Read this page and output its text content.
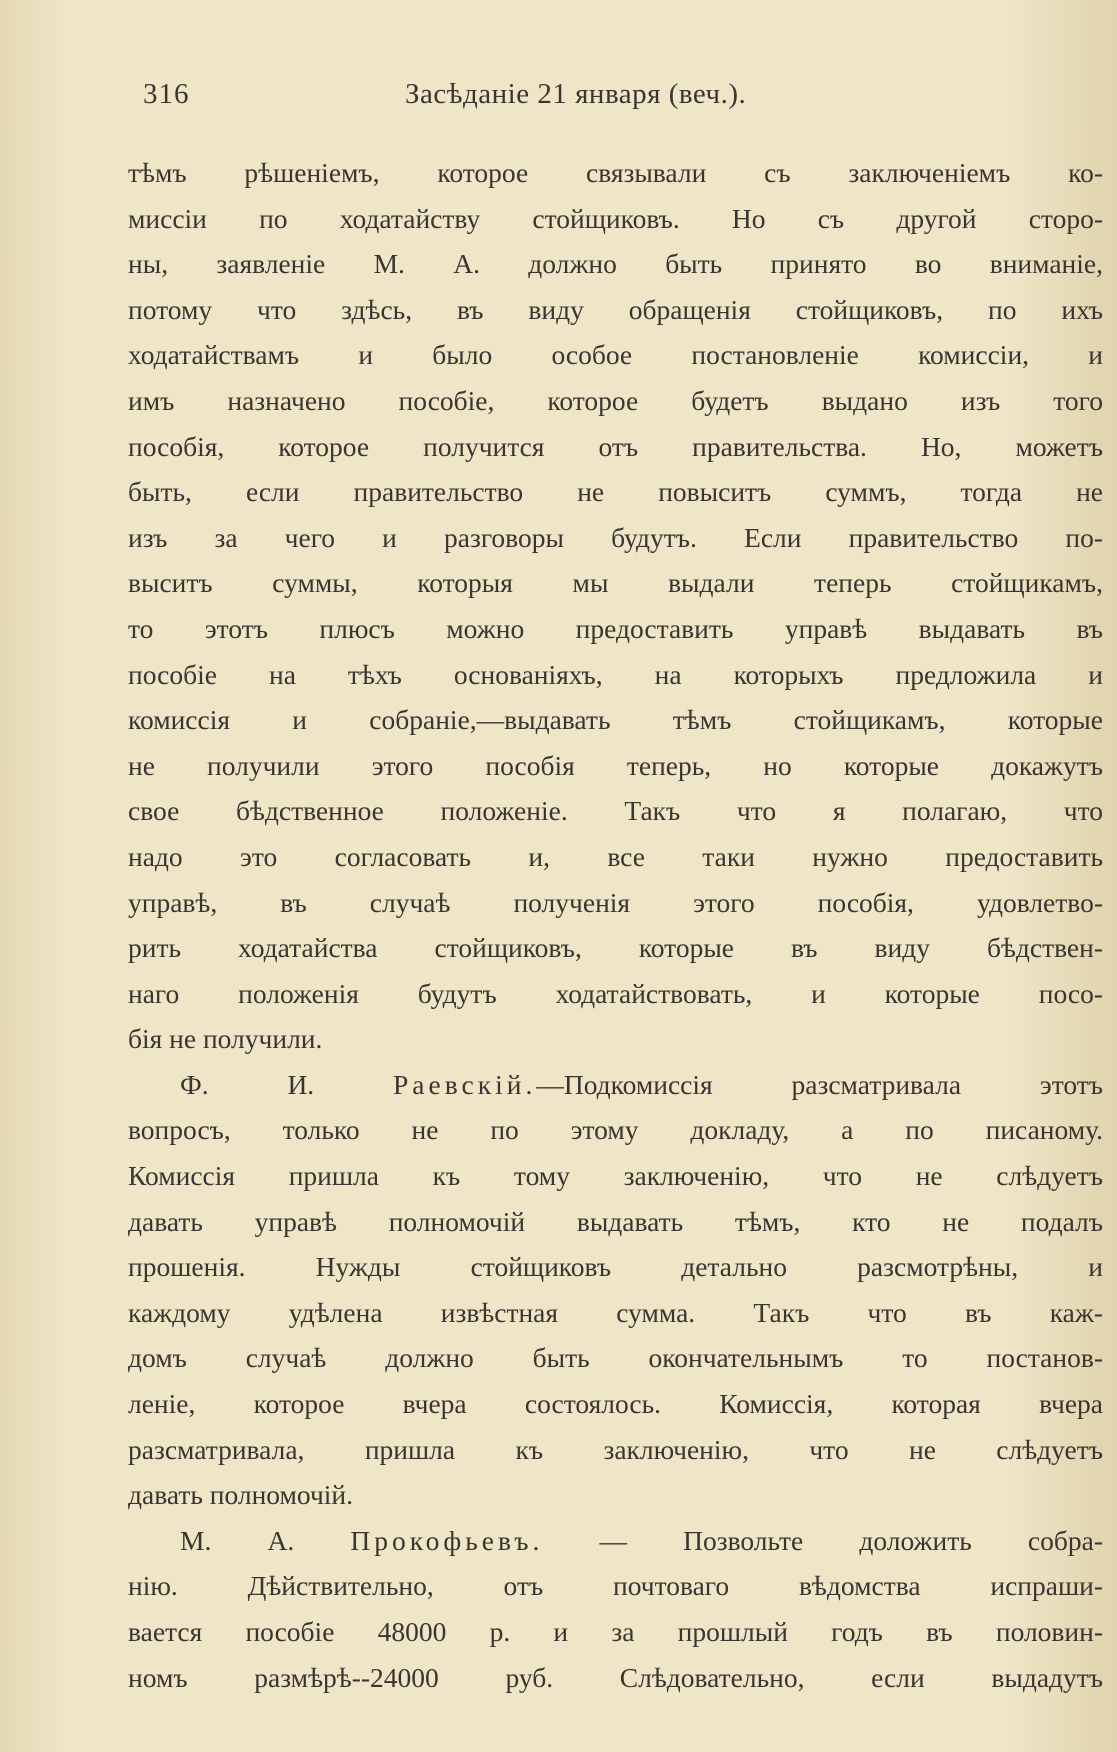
316	Засѣданіе 21 января (веч.).
тѣмъ рѣшеніемъ, которое связывали съ заключеніемъ ко-
миссіи по ходатайству стойщиковъ. Но съ другой сторо-
ны, заявленіе М. А. должно быть принято во вниманіе,
потому что здѣсь, въ виду обращенія стойщиковъ, по ихъ
ходатайствамъ и было особое постановленіе комиссіи, и
имъ назначено пособіе, которое будетъ выдано изъ того
пособія, которое получится отъ правительства. Но, можетъ
быть, если правительство не повыситъ суммъ, тогда не
изъ за чего и разговоры будутъ. Если правительство по-
выситъ суммы, которыя мы выдали теперь стойщикамъ,
то этотъ плюсъ можно предоставить управѣ выдавать въ
пособіе на тѣхъ основаніяхъ, на которыхъ предложила и
комиссія и собраніе,—выдавать тѣмъ стойщикамъ, которые
не получили этого пособія теперь, но которые докажутъ
свое бѣдственное положеніе. Такъ что я полагаю, что
надо это согласовать и, все таки нужно предоставить
управѣ, въ случаѣ полученія этого пособія, удовлетво-
рить ходатайства стойщиковъ, которые въ виду бѣдствен-
наго положенія будутъ ходатайствовать, и которые посо-
бія не получили.
Ф. И. Раевскій.—Подкомиссія разсматривала этотъ
вопросъ, только не по этому докладу, а по писаному.
Комиссія пришла къ тому заключенію, что не слѣдуетъ
давать управѣ полномочій выдавать тѣмъ, кто не подалъ
прошенія. Нужды стойщиковъ детально разсмотрѣны, и
каждому удѣлена извѣстная сумма. Такъ что въ каж-
домъ случаѣ должно быть окончательнымъ то постанов-
леніе, которое вчера состоялось. Комиссія, которая вчера
разсматривала, пришла къ заключенію, что не слѣдуетъ
давать полномочій.
М. А. Прокофьевъ. — Позвольте доложить собра-
нію. Дѣйствительно, отъ почтоваго вѣдомства испраши-
вается пособіе 48000 р. и за прошлый годъ въ половин-
номъ размѣрѣ--24000 руб. Слѣдовательно, если выдадутъ
